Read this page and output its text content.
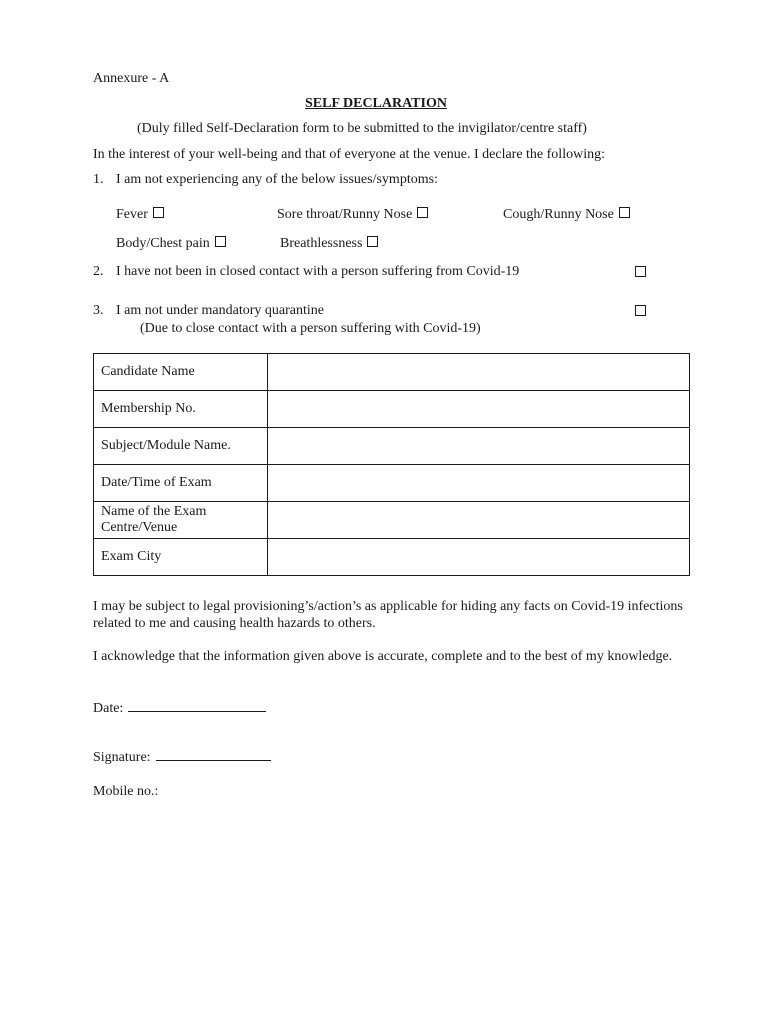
Annexure - A
SELF DECLARATION
(Duly filled Self-Declaration form to be submitted to the invigilator/centre staff)
In the interest of your well-being and that of everyone at the venue. I declare the following:
1. I am not experiencing any of the below issues/symptoms:
Fever	Sore throat/Runny Nose	Cough/Runny Nose
Body/Chest pain	Breathlessness
2. I have not been in closed contact with a person suffering from Covid-19
3. I am not under mandatory quarantine
(Due to close contact with a person suffering with Covid-19)
Candidate Name	
Membership No.	
Subject/Module Name.	
Date/Time of Exam	
Name of the Exam Centre/Venue	
Exam City	
I may be subject to legal provisioning’s/action’s as applicable for hiding any facts on Covid-19 infections related to me and causing health hazards to others.
I acknowledge that the information given above is accurate, complete and to the best of my knowledge.
Date:
Signature:
Mobile no.:
